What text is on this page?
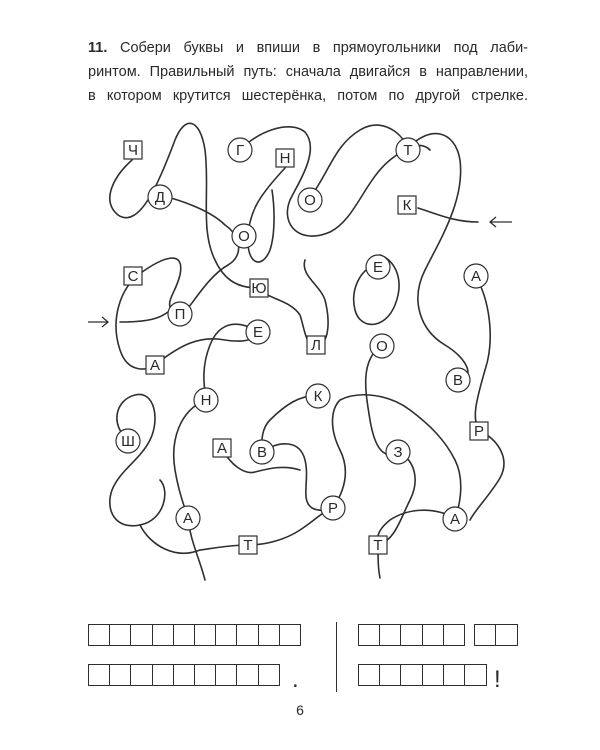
11. Собери буквы и впиши в прямоугольники под лаби-
ринтом. Правильный путь: сначала двигайся в направлении,
в котором крутится шестерёнка, потом по другой стрелке.
Ч	Г Н	Т
Д	О	К
О
С
Е
А
Ю
П
Е
Л	О
А
В
Н	К
Р
Ш	А В	З
Р
А	А
Т	Т
.	!
6
